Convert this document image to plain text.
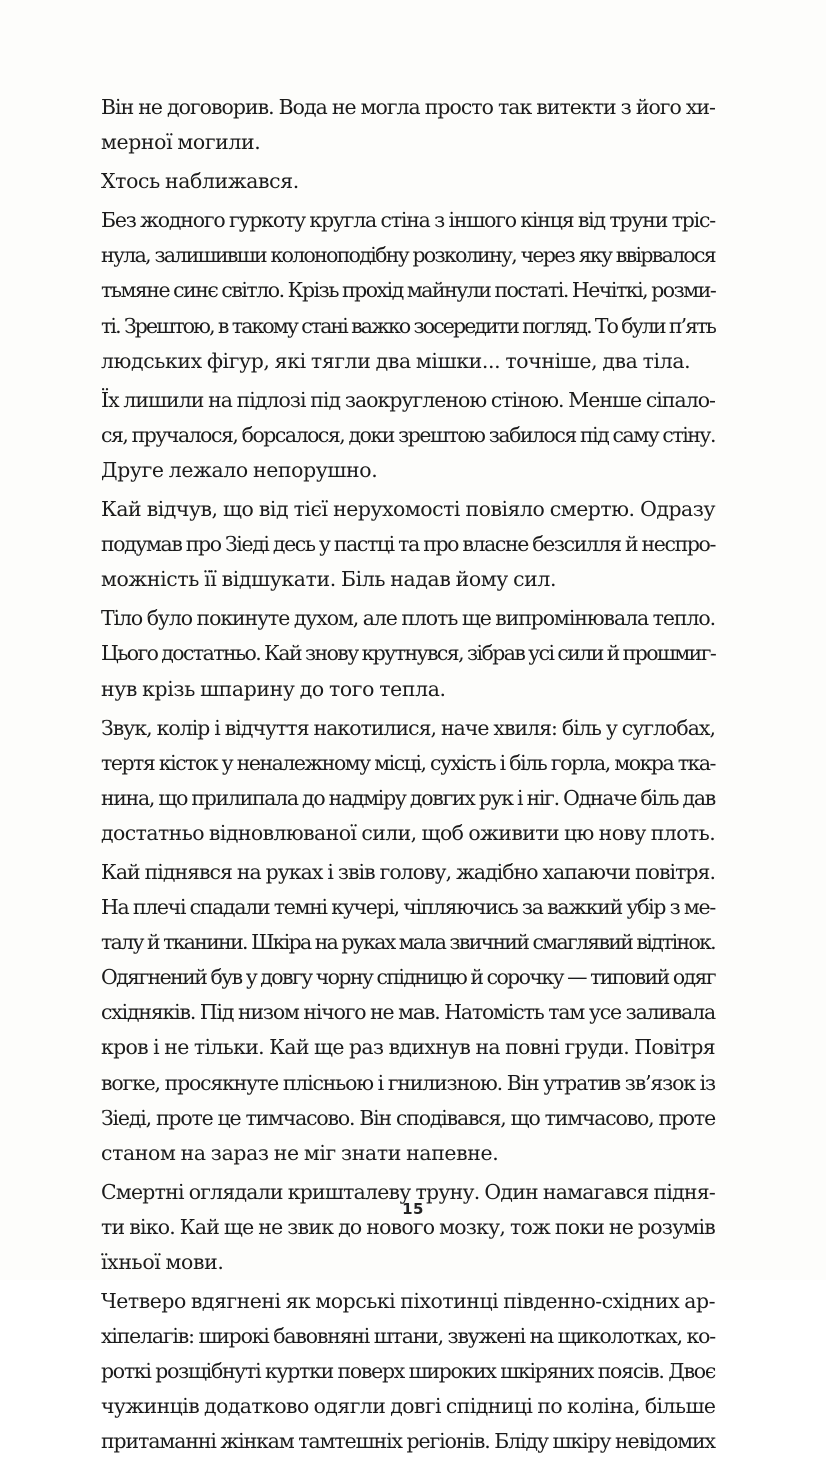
Він не договорив. Вода не могла просто так витекти з його хи-
мерної могили.
Хтось наближався.
Без жодного гуркоту кругла стіна з іншого кінця від труни тріс-
нула, залишивши колоноподібну розколину, через яку ввірвалося
тьмяне синє світло. Крізь прохід майнули постаті. Нечіткі, розми-
ті. Зрештою, в такому стані важко зосередити погляд. То були п’ять
людських фігур, які тягли два мішки... точніше, два тіла.
Їх лишили на підлозі під заокругленою стіною. Менше сіпало-
ся, пручалося, борсалося, доки зрештою забилося під саму стіну.
Друге лежало непорушно.
Кай відчув, що від тієї нерухомості повіяло смертю. Одразу
подумав про Зіеді десь у пастці та про власне безсилля й неспро-
можність її відшукати. Біль надав йому сил.
Тіло було покинуте духом, але плоть ще випромінювала тепло.
Цього достатньо. Кай знову крутнувся, зібрав усі сили й прошмиг-
нув крізь шпарину до того тепла.
Звук, колір і відчуття накотилися, наче хвиля: біль у суглобах,
тертя кісток у неналежному місці, сухість і біль горла, мокра тка-
нина, що прилипала до надміру довгих рук і ніг. Одначе біль дав
достатньо відновлюваної сили, щоб оживити цю нову плоть.
Кай піднявся на руках і звів голову, жадібно хапаючи повітря.
На плечі спадали темні кучері, чіпляючись за важкий убір з ме-
талу й тканини. Шкіра на руках мала звичний смаглявий відтінок.
Одягнений був у довгу чорну спідницю й сорочку — типовий одяг
східняків. Під низом нічого не мав. Натомість там усе заливала
кров і не тільки. Кай ще раз вдихнув на повні груди. Повітря
вогке, просякнуте плісньою і гнилизною. Він утратив зв’язок із
Зіеді, проте це тимчасово. Він сподівався, що тимчасово, проте
станом на зараз не міг знати напевне.
Смертні оглядали кришталеву труну. Один намагався підня-
ти віко. Кай ще не звик до нового мозку, тож поки не розумів
їхньої мови.
Четверо вдягнені як морські піхотинці південно-східних ар-
хіпелагів: широкі бавовняні штани, звужені на щиколотках, ко-
роткі розщібнуті куртки поверх широких шкіряних поясів. Двоє
чужинців додатково одягли довгі спідниці по коліна, більше
притаманні жінкам тамтешніх регіонів. Бліду шкіру невідомих
15
